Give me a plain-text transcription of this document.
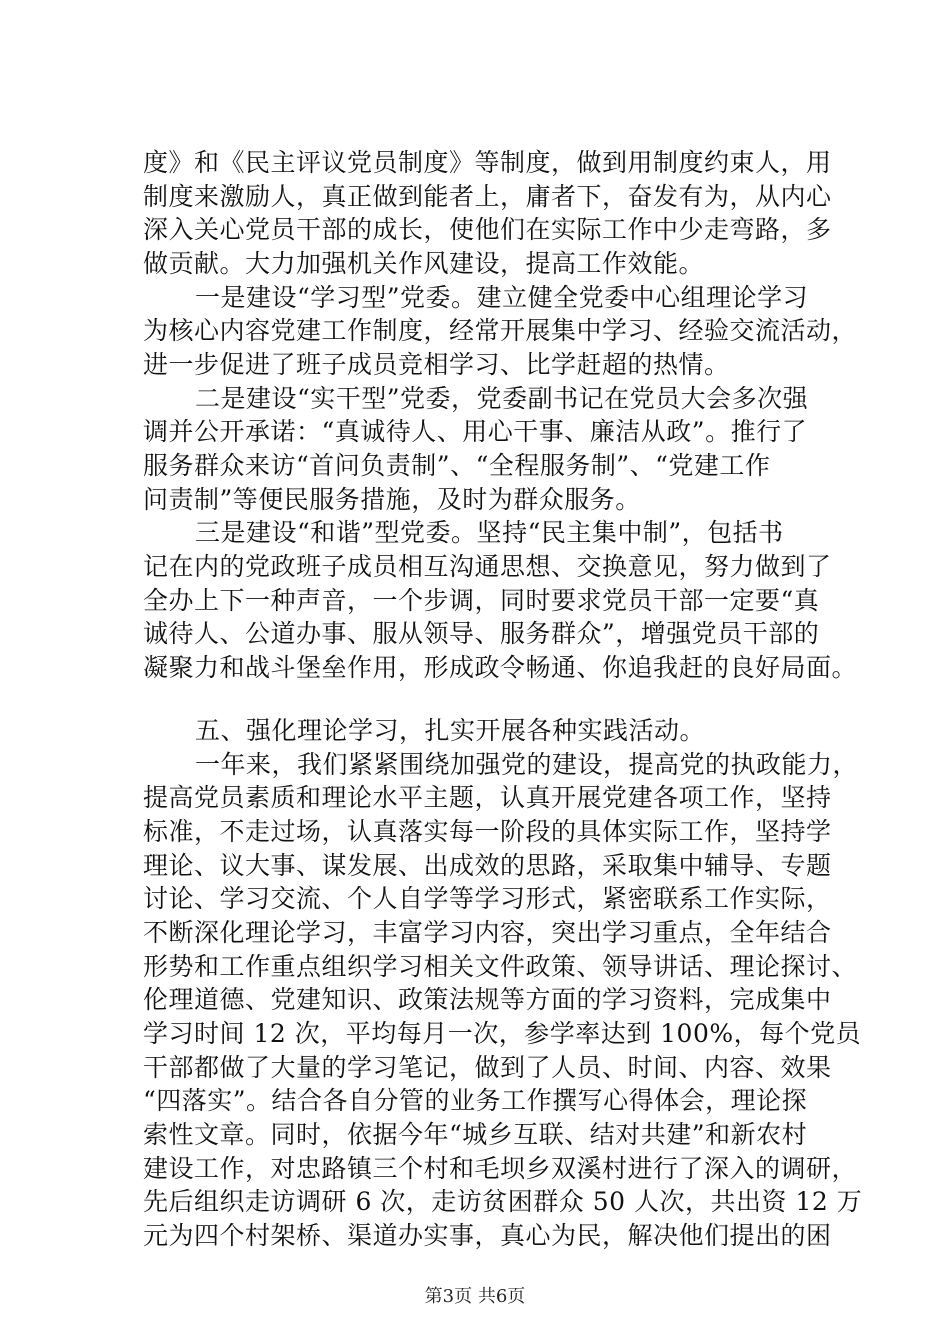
度》和《民主评议党员制度》等制度，做到用制度约束人，用
制度来激励人，真正做到能者上，庸者下，奋发有为，从内心
深入关心党员干部的成长，使他们在实际工作中少走弯路，多
做贡献。大力加强机关作风建设，提高工作效能。
一是建设“学习型”党委。建立健全党委中心组理论学习
为核心内容党建工作制度，经常开展集中学习、经验交流活动，
进一步促进了班子成员竞相学习、比学赶超的热情。
二是建设“实干型”党委，党委副书记在党员大会多次强
调并公开承诺：“真诚待人、用心干事、廉洁从政”。推行了
服务群众来访“首问负责制”、“全程服务制”、“党建工作
问责制”等便民服务措施，及时为群众服务。
三是建设“和谐”型党委。坚持“民主集中制”，包括书
记在内的党政班子成员相互沟通思想、交换意见，努力做到了
全办上下一种声音，一个步调，同时要求党员干部一定要“真
诚待人、公道办事、服从领导、服务群众”，增强党员干部的
凝聚力和战斗堡垒作用，形成政令畅通、你追我赶的良好局面。
五、强化理论学习，扎实开展各种实践活动。
一年来，我们紧紧围绕加强党的建设，提高党的执政能力，
提高党员素质和理论水平主题，认真开展党建各项工作，坚持
标准，不走过场，认真落实每一阶段的具体实际工作，坚持学
理论、议大事、谋发展、出成效的思路，采取集中辅导、专题
讨论、学习交流、个人自学等学习形式，紧密联系工作实际，
不断深化理论学习，丰富学习内容，突出学习重点，全年结合
形势和工作重点组织学习相关文件政策、领导讲话、理论探讨、
伦理道德、党建知识、政策法规等方面的学习资料，完成集中
学习时间 12 次，平均每月一次，参学率达到 100%，每个党员
干部都做了大量的学习笔记，做到了人员、时间、内容、效果
“四落实”。结合各自分管的业务工作撰写心得体会，理论探
索性文章。同时，依据今年“城乡互联、结对共建”和新农村
建设工作，对忠路镇三个村和毛坝乡双溪村进行了深入的调研，
先后组织走访调研 6 次，走访贫困群众 50 人次，共出资 12 万
元为四个村架桥、渠道办实事，真心为民，解决他们提出的困
第3页 共6页
